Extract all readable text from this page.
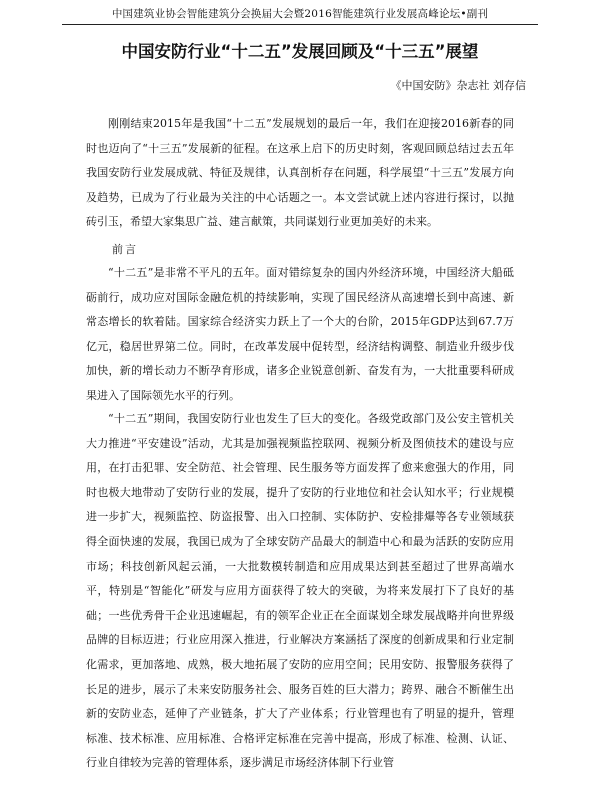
中国建筑业协会智能建筑分会换届大会暨2016智能建筑行业发展高峰论坛•副刊
中国安防行业“十二五”发展回顾及“十三五”展望
《中国安防》杂志社 刘存信

刚刚结束2015年是我国“十二五”发展规划的最后一年，我们在迎接2016新春的同时也迈向了“十三五”发展新的征程。在这承上启下的历史时刻，客观回顾总结过去五年我国安防行业发展成就、特征及规律，认真剖析存在问题，科学展望“十三五”发展方向及趋势，已成为了行业最为关注的中心话题之一。本文尝试就上述内容进行探讨，以抛砖引玉，希望大家集思广益、建言献策，共同谋划行业更加美好的未来。

前言

“十二五”是非常不平凡的五年。面对错综复杂的国内外经济环境，中国经济大船砥砺前行，成功应对国际金融危机的持续影响，实现了国民经济从高速增长到中高速、新常态增长的软着陆。国家综合经济实力跃上了一个大的台阶，2015年GDP达到67.7万亿元，稳居世界第二位。同时，在改革发展中促转型，经济结构调整、制造业升级步伐加快，新的增长动力不断孕育形成，诸多企业锐意创新、奋发有为，一大批重要科研成果进入了国际领先水平的行列。

“十二五”期间，我国安防行业也发生了巨大的变化。各级党政部门及公安主管机关大力推进“平安建设”活动，尤其是加强视频监控联网、视频分析及图侦技术的建设与应用，在打击犯罪、安全防范、社会管理、民生服务等方面发挥了愈来愈强大的作用，同时也极大地带动了安防行业的发展，提升了安防的行业地位和社会认知水平；行业规模进一步扩大，视频监控、防盗报警、出入口控制、实体防护、安检排爆等各专业领域获得全面快速的发展，我国已成为了全球安防产品最大的制造中心和最为活跃的安防应用市场；科技创新风起云涌，一大批数模转制造和应用成果达到甚至超过了世界高端水平，特别是“智能化”研发与应用方面获得了较大的突破，为将来发展打下了良好的基础；一些优秀骨干企业迅速崛起，有的领军企业正在全面谋划全球发展战略并向世界级品牌的目标迈进；行业应用深入推进，行业解决方案涵括了深度的创新成果和行业定制化需求，更加落地、成熟，极大地拓展了安防的应用空间；民用安防、报警服务获得了长足的进步，展示了未来安防服务社会、服务百姓的巨大潜力；跨界、融合不断催生出新的安防业态，延伸了产业链条，扩大了产业体系；行业管理也有了明显的提升，管理标准、技术标准、应用标准、合格评定标准在完善中提高，形成了标准、检测、认证、行业自律较为完善的管理体系，逐步满足市场经济体制下行业管
